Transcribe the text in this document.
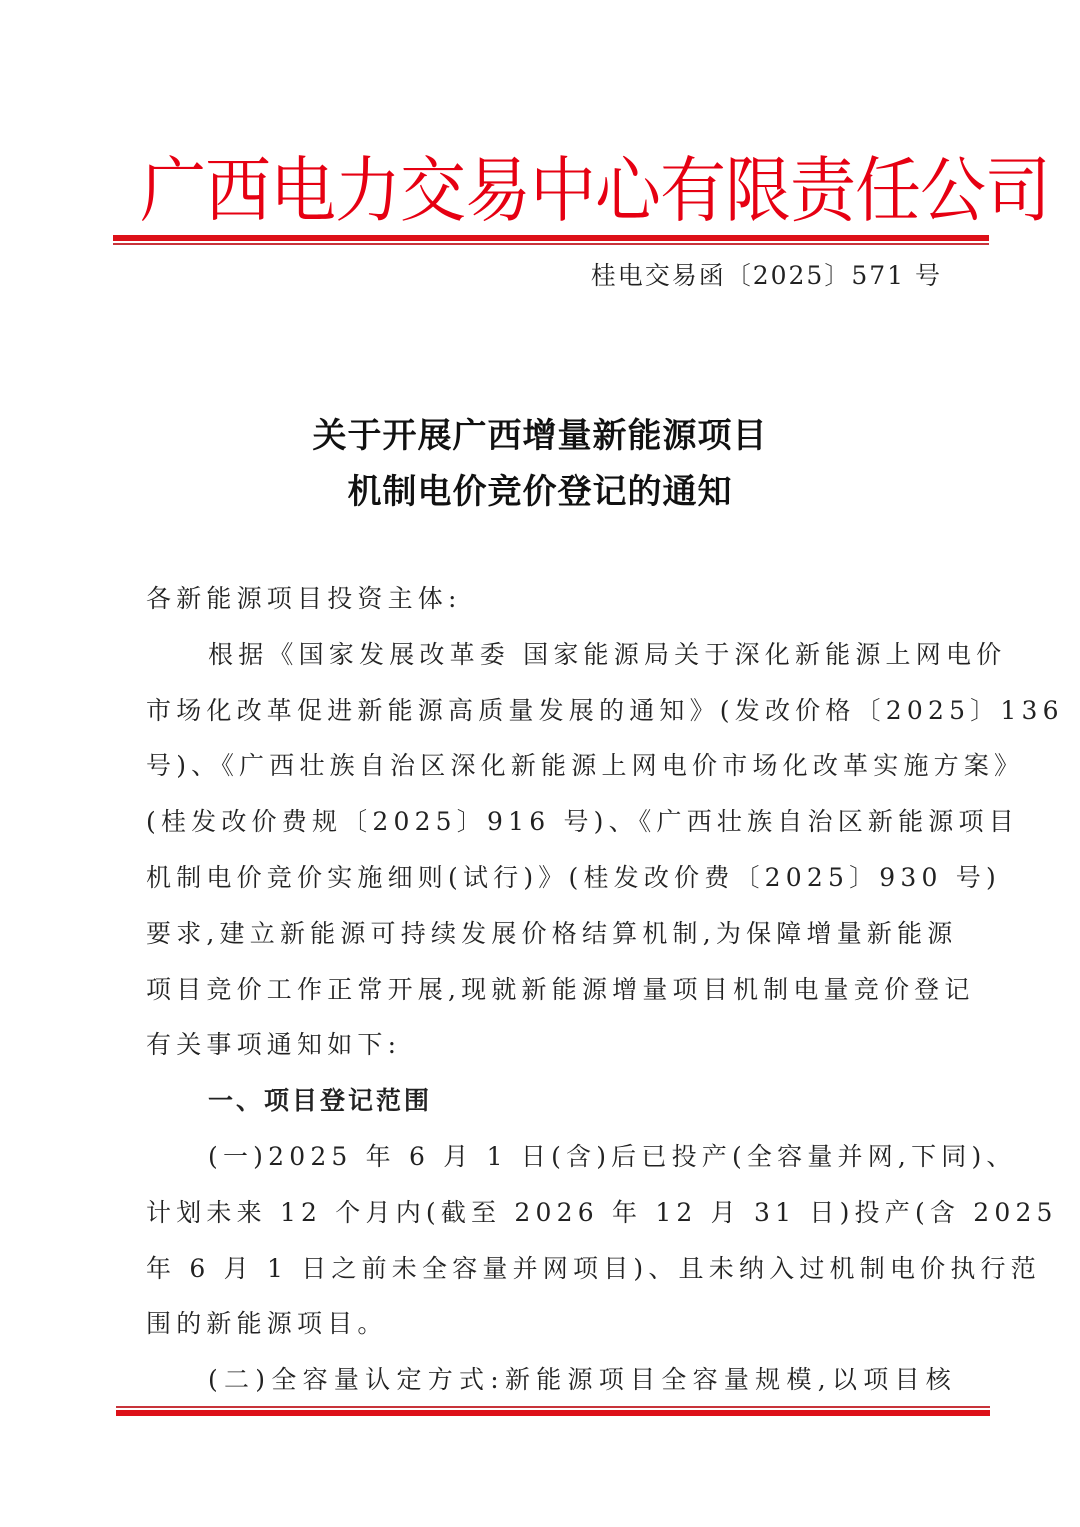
广西电力交易中心有限责任公司
桂电交易函〔2025〕571 号
关于开展广西增量新能源项目
机制电价竞价登记的通知

各新能源项目投资主体:

根据《国家发展改革委 国家能源局关于深化新能源上网电价

市场化改革促进新能源高质量发展的通知》(发改价格〔2025〕136

号)、《广西壮族自治区深化新能源上网电价市场化改革实施方案》

(桂发改价费规〔2025〕916 号)、《广西壮族自治区新能源项目

机制电价竞价实施细则(试行)》(桂发改价费〔2025〕930 号)

要求,建立新能源可持续发展价格结算机制,为保障增量新能源

项目竞价工作正常开展,现就新能源增量项目机制电量竞价登记

有关事项通知如下:

一、项目登记范围

(一)2025 年 6 月 1 日(含)后已投产(全容量并网,下同)、

计划未来 12 个月内(截至 2026 年 12 月 31 日)投产(含 2025

年 6 月 1 日之前未全容量并网项目)、且未纳入过机制电价执行范

围的新能源项目。

(二)全容量认定方式:新能源项目全容量规模,以项目核
